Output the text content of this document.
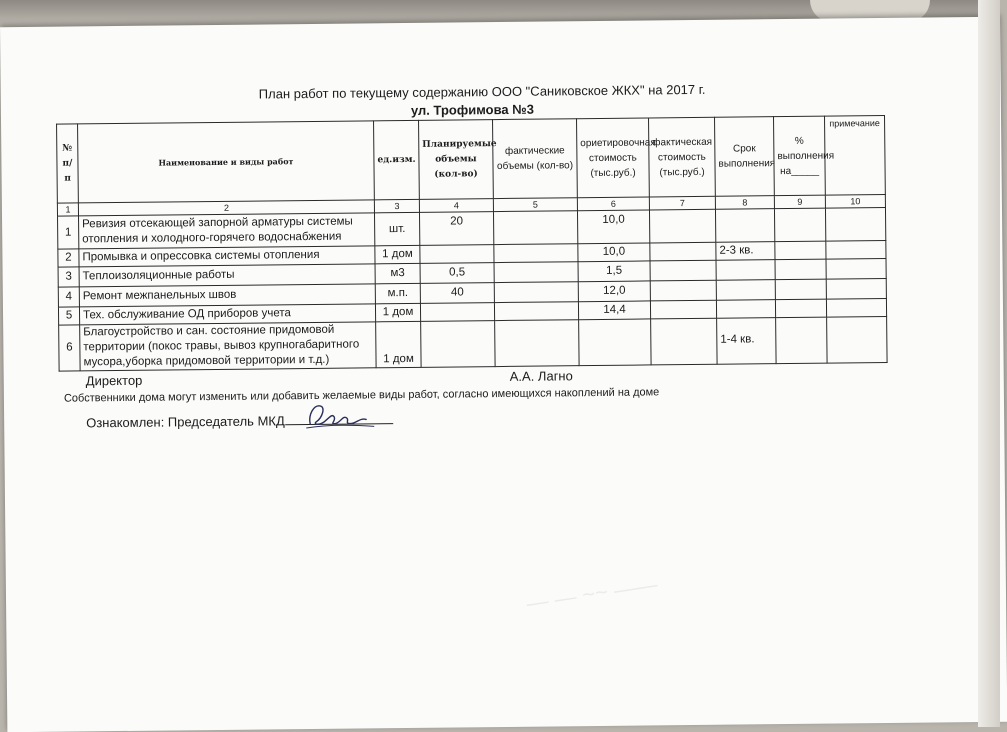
— — ~~ ——
План работ по текущему содержанию ООО "Саниковское ЖКХ" на 2017 г.
ул. Трофимова №3
№ п/п	Наименование и виды работ	ед.изм.	Планируемые объемы (кол-во)	фактические объемы (кол-во)	ориетировочная стоимость (тыс.руб.)	фактическая стоимость (тыс.руб.)	Срок выполнения	% выполнения на_____	примечание
1	2	3	4	5	6	7	8	9	10
1	Ревизия отсекающей запорной арматуры системы отопления и холодного-горячего водоснабжения	шт.	20		10,0				
2	Промывка и опрессовка системы отопления	1 дом			10,0		2-3 кв.		
3	Теплоизоляционные работы	м3	0,5		1,5				
4	Ремонт межпанельных швов	м.п.	40		12,0				
5	Тех. обслуживание ОД приборов учета	1 дом			14,4				
6	Благоустройство и сан. состояние придомовой территории (покос травы, вывоз крупногабаритного мусора,уборка придомовой территории и т.д.)	1 дом					1-4 кв.		
Директор	А.А. Лагно
Собственники дома могут изменить или добавить желаемые виды работ, согласно имеющихся накоплений на доме
Ознакомлен: Председатель МКД
